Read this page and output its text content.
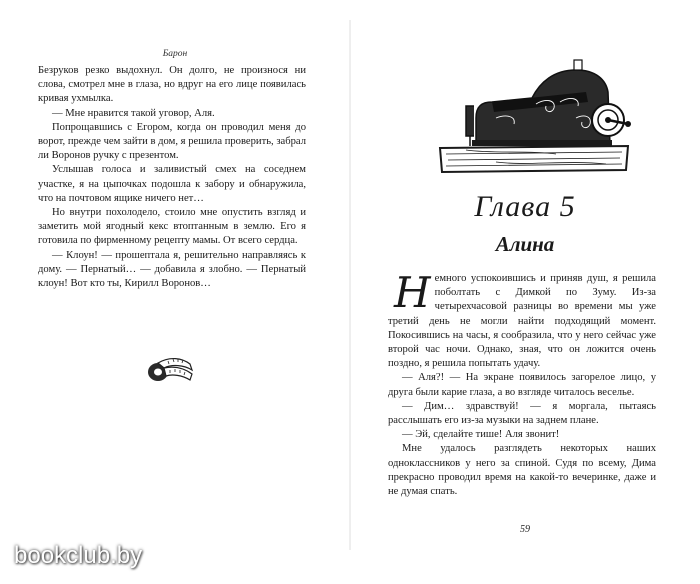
Барон

Безруков резко выдохнул. Он долго, не произнося ни слова, смотрел мне в глаза, но вдруг на его лице появилась кривая ухмылка.

— Мне нравится такой уговор, Аля.

Попрощавшись с Егором, когда он проводил меня до ворот, прежде чем зайти в дом, я решила проверить, забрал ли Воронов ручку с презентом.

Услышав голоса и заливистый смех на соседнем участке, я на цыпочках подошла к забору и обнаружила, что на почтовом ящике ничего нет…

Но внутри похолодело, стоило мне опустить взгляд и заметить мой ягодный кекс втоптанным в землю. Его я готовила по фирменному рецепту мамы. От всего сердца.

— Клоун! — прошептала я, решительно направляясь к дому. — Пернатый… — добавила я злобно. — Пернатый клоун! Вот кто ты, Кирилл Воронов…

Глава 5
Алина

Немного успокоившись и приняв душ, я решила поболтать с Димкой по Зуму. Из-за четырехчасовой разницы во времени мы уже третий день не могли найти подходящий момент. Покосившись на часы, я сообразила, что у него сейчас уже второй час ночи. Однако, зная, что он ложится очень поздно, я решила попытать удачу.

— Аля?! — На экране появилось загорелое лицо, у друга были карие глаза, а во взгляде читалось веселье.

— Дим… здравствуй! — я моргала, пытаясь расслышать его из-за музыки на заднем плане.

— Эй, сделайте тише! Аля звонит!

Мне удалось разглядеть некоторых наших одноклассников у него за спиной. Судя по всему, Дима прекрасно проводил время на какой-то вечеринке, даже и не думая спать.

59
bookclub.by
